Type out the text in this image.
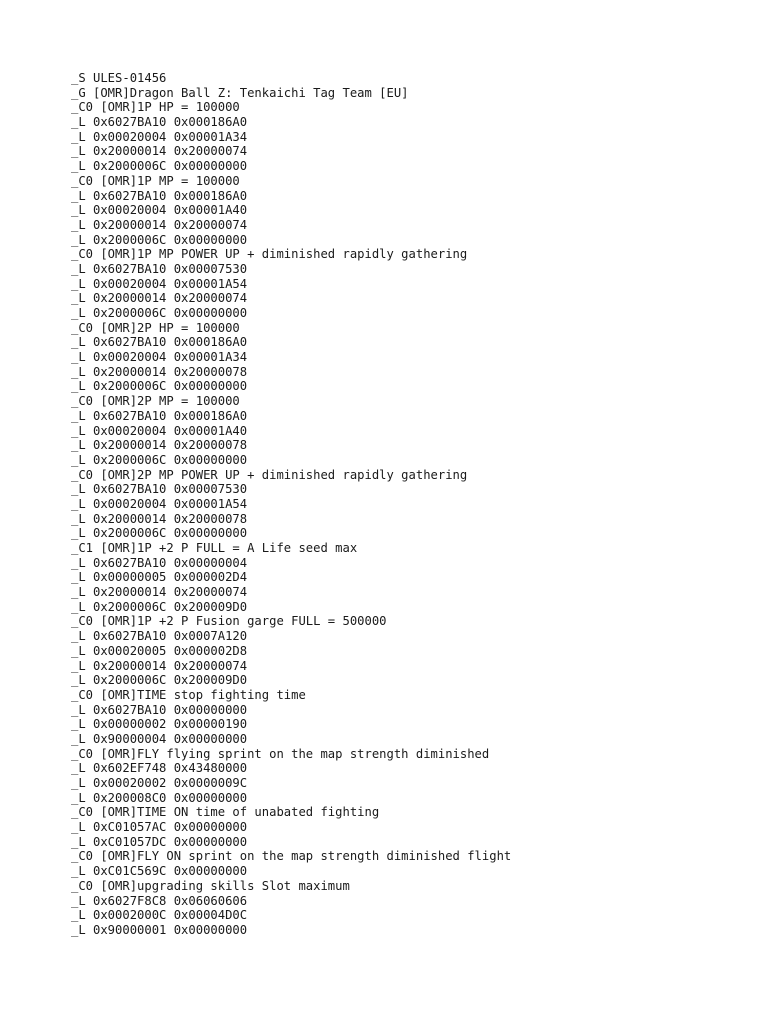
_S ULES-01456
_G [OMR]Dragon Ball Z: Tenkaichi Tag Team [EU]
_C0 [OMR]1P HP = 100000
_L 0x6027BA10 0x000186A0
_L 0x00020004 0x00001A34
_L 0x20000014 0x20000074
_L 0x2000006C 0x00000000
_C0 [OMR]1P MP = 100000
_L 0x6027BA10 0x000186A0
_L 0x00020004 0x00001A40
_L 0x20000014 0x20000074
_L 0x2000006C 0x00000000
_C0 [OMR]1P MP POWER UP + diminished rapidly gathering
_L 0x6027BA10 0x00007530
_L 0x00020004 0x00001A54
_L 0x20000014 0x20000074
_L 0x2000006C 0x00000000
_C0 [OMR]2P HP = 100000
_L 0x6027BA10 0x000186A0
_L 0x00020004 0x00001A34
_L 0x20000014 0x20000078
_L 0x2000006C 0x00000000
_C0 [OMR]2P MP = 100000
_L 0x6027BA10 0x000186A0
_L 0x00020004 0x00001A40
_L 0x20000014 0x20000078
_L 0x2000006C 0x00000000
_C0 [OMR]2P MP POWER UP + diminished rapidly gathering
_L 0x6027BA10 0x00007530
_L 0x00020004 0x00001A54
_L 0x20000014 0x20000078
_L 0x2000006C 0x00000000
_C1 [OMR]1P +2 P FULL = A Life seed max
_L 0x6027BA10 0x00000004
_L 0x00000005 0x000002D4
_L 0x20000014 0x20000074
_L 0x2000006C 0x200009D0
_C0 [OMR]1P +2 P Fusion garge FULL = 500000
_L 0x6027BA10 0x0007A120
_L 0x00020005 0x000002D8
_L 0x20000014 0x20000074
_L 0x2000006C 0x200009D0
_C0 [OMR]TIME stop fighting time
_L 0x6027BA10 0x00000000
_L 0x00000002 0x00000190
_L 0x90000004 0x00000000
_C0 [OMR]FLY flying sprint on the map strength diminished
_L 0x602EF748 0x43480000
_L 0x00020002 0x0000009C
_L 0x200008C0 0x00000000
_C0 [OMR]TIME ON time of unabated fighting
_L 0xC01057AC 0x00000000
_L 0xC01057DC 0x00000000
_C0 [OMR]FLY ON sprint on the map strength diminished flight
_L 0xC01C569C 0x00000000
_C0 [OMR]upgrading skills Slot maximum
_L 0x6027F8C8 0x06060606
_L 0x0002000C 0x00004D0C
_L 0x90000001 0x00000000
